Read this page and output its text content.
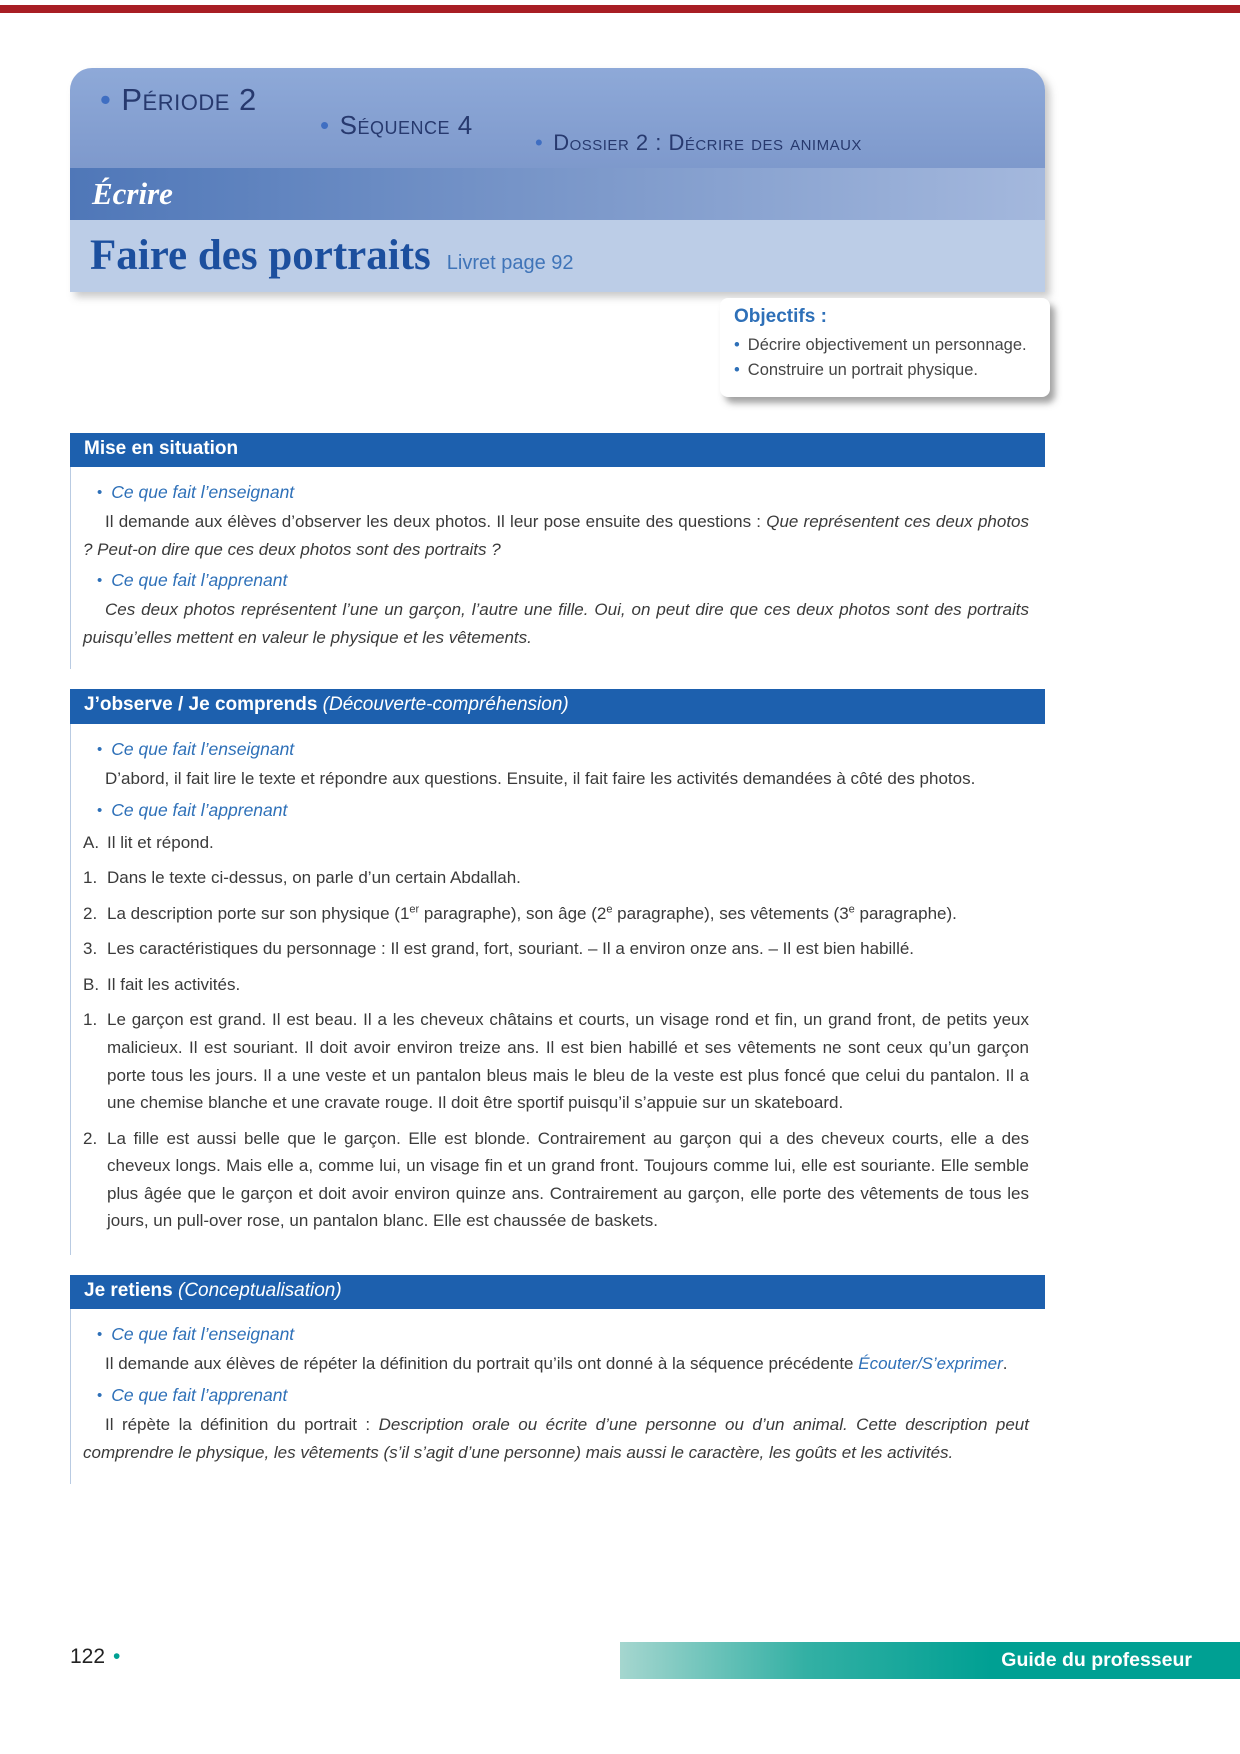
• Période 2
• Séquence 4
• Dossier 2 : Décrire des animaux
Écrire
Faire des portraits Livret page 92
Objectifs :
• Décrire objectivement un personnage.
• Construire un portrait physique.
Mise en situation
• Ce que fait l’enseignant

Il demande aux élèves d’observer les deux photos. Il leur pose ensuite des questions : Que représentent ces deux photos ? Peut-on dire que ces deux photos sont des portraits ?

• Ce que fait l’apprenant

Ces deux photos représentent l’une un garçon, l’autre une fille. Oui, on peut dire que ces deux photos sont des portraits puisqu’elles mettent en valeur le physique et les vêtements.

J’observe / Je comprends (Découverte-compréhension)
• Ce que fait l’enseignant

D’abord, il fait lire le texte et répondre aux questions. Ensuite, il fait faire les activités demandées à côté des photos.

• Ce que fait l’apprenant
A. Il lit et répond.
1. Dans le texte ci-dessus, on parle d’un certain Abdallah.
2. La description porte sur son physique (1er paragraphe), son âge (2e paragraphe), ses vêtements (3e paragraphe).
3. Les caractéristiques du personnage : Il est grand, fort, souriant. – Il a environ onze ans. – Il est bien habillé.
B. Il fait les activités.
1. Le garçon est grand. Il est beau. Il a les cheveux châtains et courts, un visage rond et fin, un grand front, de petits yeux malicieux. Il est souriant. Il doit avoir environ treize ans. Il est bien habillé et ses vêtements ne sont ceux qu’un garçon porte tous les jours. Il a une veste et un pantalon bleus mais le bleu de la veste est plus foncé que celui du pantalon. Il a une chemise blanche et une cravate rouge. Il doit être sportif puisqu’il s’appuie sur un skateboard.
2. La fille est aussi belle que le garçon. Elle est blonde. Contrairement au garçon qui a des cheveux courts, elle a des cheveux longs. Mais elle a, comme lui, un visage fin et un grand front. Toujours comme lui, elle est souriante. Elle semble plus âgée que le garçon et doit avoir environ quinze ans. Contrairement au garçon, elle porte des vêtements de tous les jours, un pull-over rose, un pantalon blanc. Elle est chaussée de baskets.
Je retiens (Conceptualisation)
• Ce que fait l’enseignant

Il demande aux élèves de répéter la définition du portrait qu’ils ont donné à la séquence précédente Écouter/S’exprimer.

• Ce que fait l’apprenant

Il répète la définition du portrait : Description orale ou écrite d’une personne ou d’un animal. Cette description peut comprendre le physique, les vêtements (s’il s’agit d’une personne) mais aussi le caractère, les goûts et les activités.

122 •	Guide du professeur
